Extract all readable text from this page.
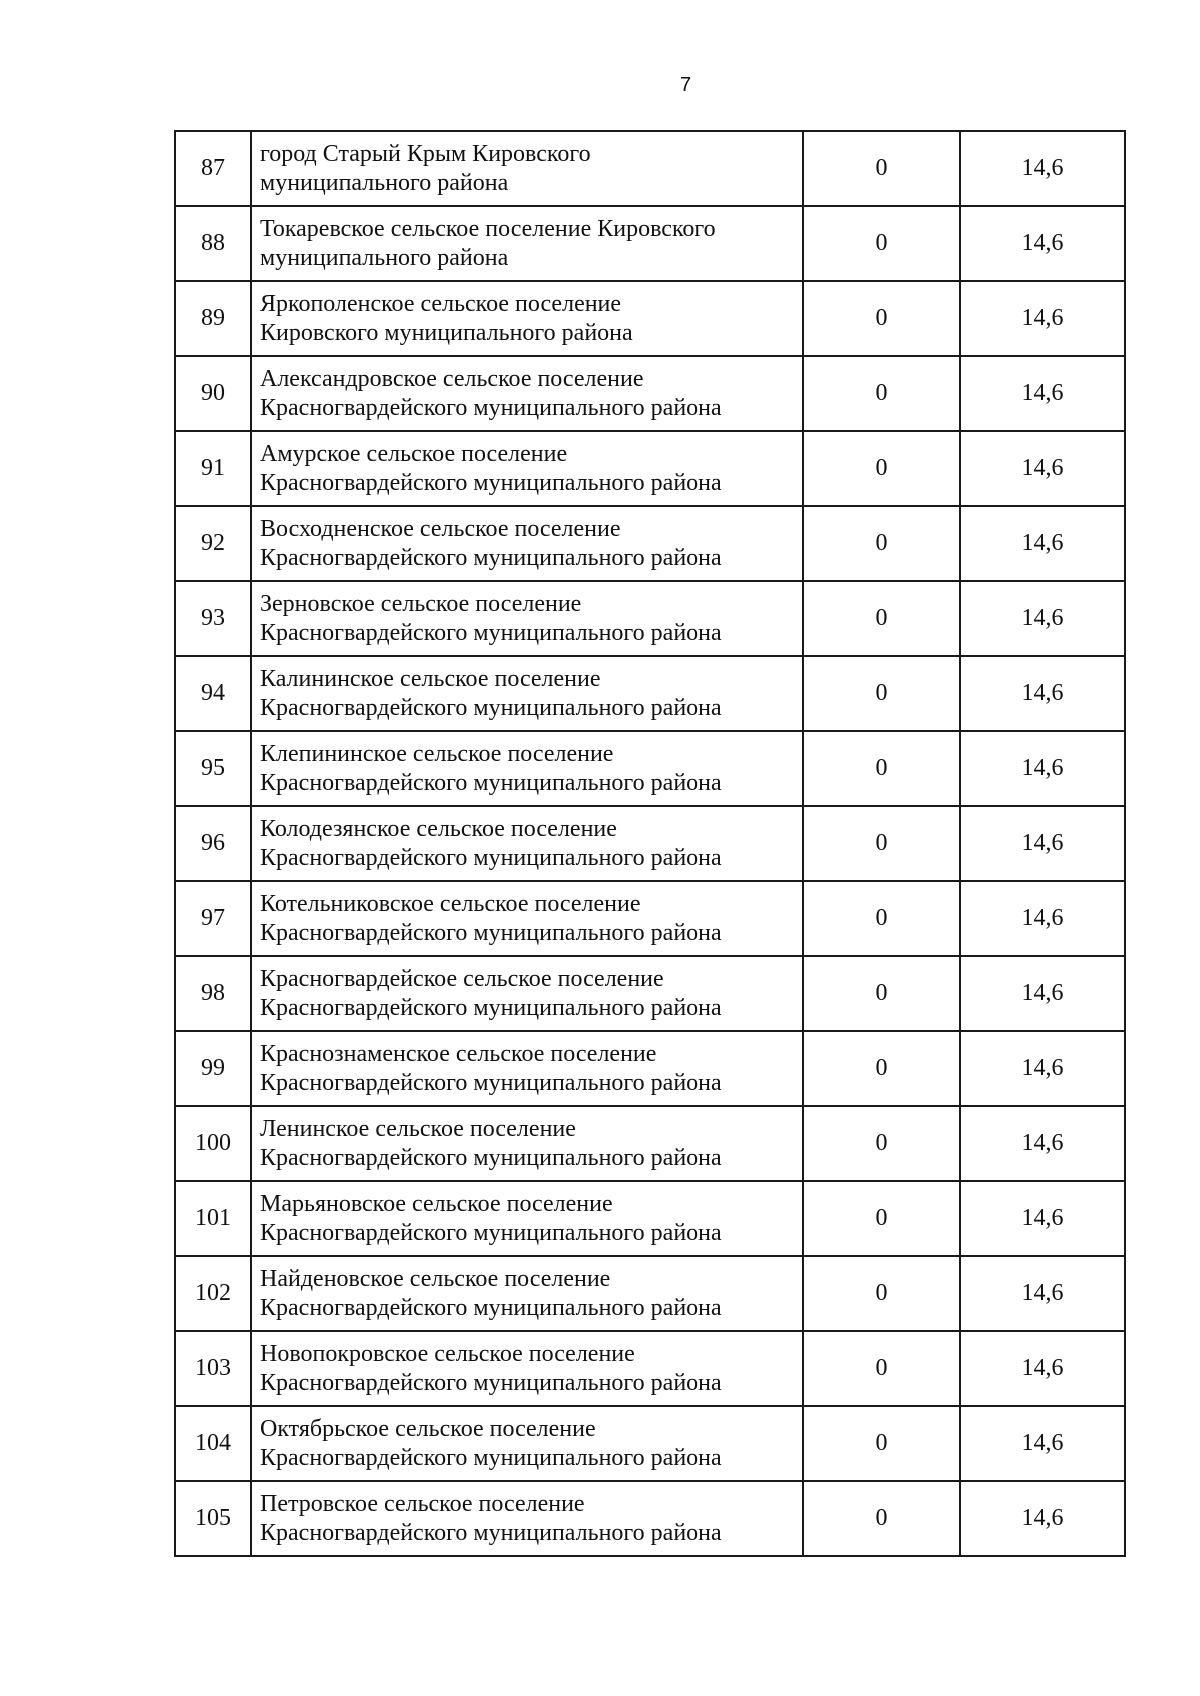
7
87	город Старый Крым Кировского
муниципального района	0	14,6
88	Токаревское сельское поселение Кировского
муниципального района	0	14,6
89	Яркополенское сельское поселение
Кировского муниципального района	0	14,6
90	Александровское сельское поселение
Красногвардейского муниципального района	0	14,6
91	Амурское сельское поселение
Красногвардейского муниципального района	0	14,6
92	Восходненское сельское поселение
Красногвардейского муниципального района	0	14,6
93	Зерновское сельское поселение
Красногвардейского муниципального района	0	14,6
94	Калининское сельское поселение
Красногвардейского муниципального района	0	14,6
95	Клепининское сельское поселение
Красногвардейского муниципального района	0	14,6
96	Колодезянское сельское поселение
Красногвардейского муниципального района	0	14,6
97	Котельниковское сельское поселение
Красногвардейского муниципального района	0	14,6
98	Красногвардейское сельское поселение
Красногвардейского муниципального района	0	14,6
99	Краснознаменское сельское поселение
Красногвардейского муниципального района	0	14,6
100	Ленинское сельское поселение
Красногвардейского муниципального района	0	14,6
101	Марьяновское сельское поселение
Красногвардейского муниципального района	0	14,6
102	Найденовское сельское поселение
Красногвардейского муниципального района	0	14,6
103	Новопокровское сельское поселение
Красногвардейского муниципального района	0	14,6
104	Октябрьское сельское поселение
Красногвардейского муниципального района	0	14,6
105	Петровское сельское поселение
Красногвардейского муниципального района	0	14,6
